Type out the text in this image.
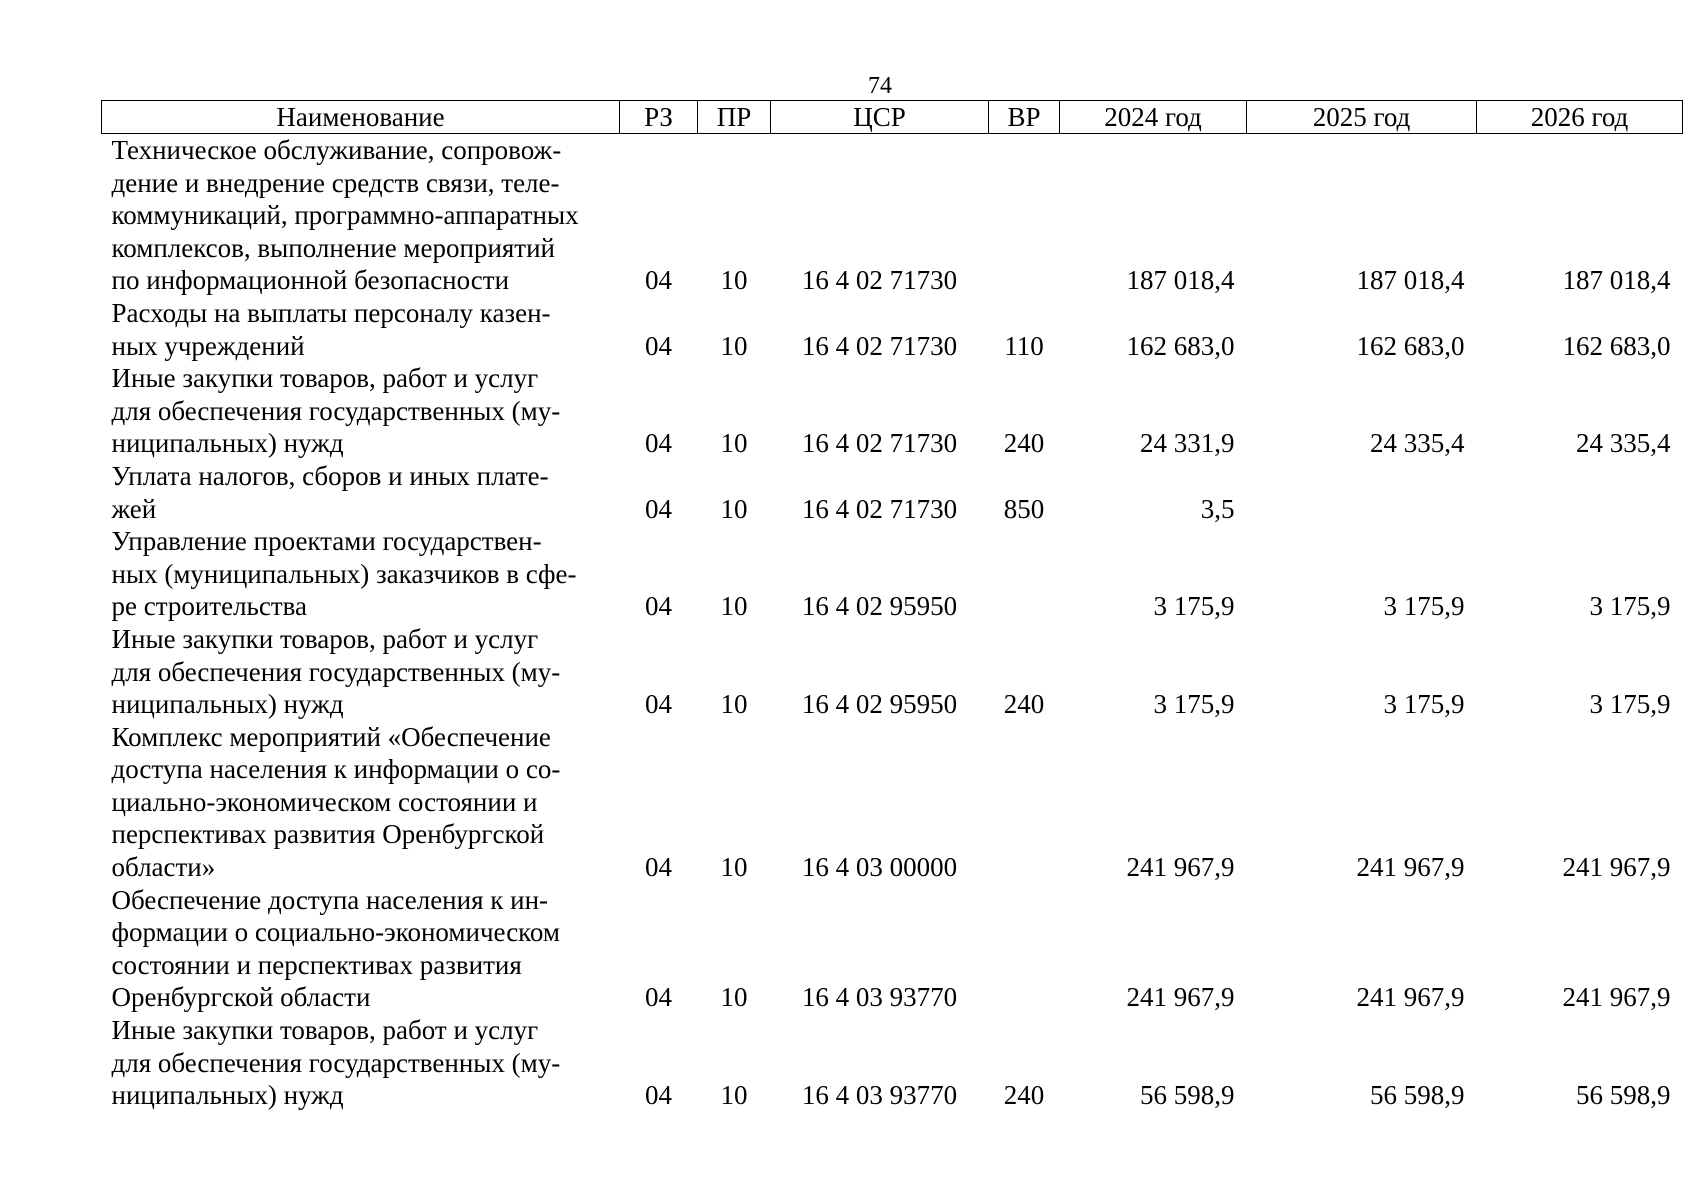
74
Наименование	РЗ	ПР	ЦСР	ВР	2024 год	2025 год	2026 год

Техническое обслуживание, сопровож-
дение и внедрение средств связи, теле-
коммуникаций, программно-аппаратных
комплексов, выполнение мероприятий
по информационной безопасности	04	10	16 4 02 71730		187 018,4	187 018,4	187 018,4

Расходы на выплаты персоналу казен-
ных учреждений	04	10	16 4 02 71730	110	162 683,0	162 683,0	162 683,0

Иные закупки товаров, работ и услуг
для обеспечения государственных (му-
ниципальных) нужд	04	10	16 4 02 71730	240	24 331,9	24 335,4	24 335,4

Уплата налогов, сборов и иных плате-
жей	04	10	16 4 02 71730	850	3,5		

Управление проектами государствен-
ных (муниципальных) заказчиков в сфе-
ре строительства	04	10	16 4 02 95950		3 175,9	3 175,9	3 175,9

Иные закупки товаров, работ и услуг
для обеспечения государственных (му-
ниципальных) нужд	04	10	16 4 02 95950	240	3 175,9	3 175,9	3 175,9

Комплекс мероприятий «Обеспечение
доступа населения к информации о со-
циально-экономическом состоянии и
перспективах развития Оренбургской
области»	04	10	16 4 03 00000		241 967,9	241 967,9	241 967,9

Обеспечение доступа населения к ин-
формации о социально-экономическом
состоянии и перспективах развития
Оренбургской области	04	10	16 4 03 93770		241 967,9	241 967,9	241 967,9

Иные закупки товаров, работ и услуг
для обеспечения государственных (му-
ниципальных) нужд	04	10	16 4 03 93770	240	56 598,9	56 598,9	56 598,9
